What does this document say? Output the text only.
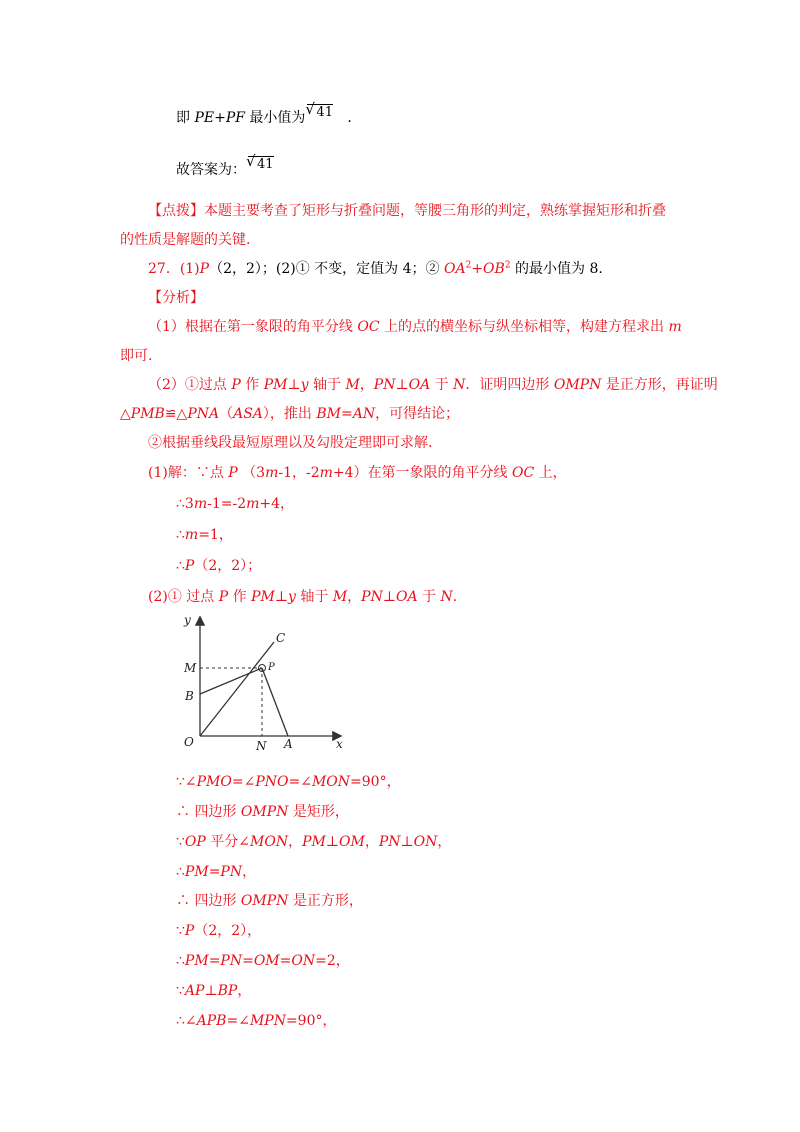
即 PE+PF 最小值为 √ 41 ．
故答案为： √ 41
【点拨】本题主要考查了矩形与折叠问题，等腰三角形的判定，熟练掌握矩形和折叠
的性质是解题的关键.
27．(1)P（2，2）；(2)① 不变，定值为 4；② $OA^2+OB^2$ 的最小值为 8.
【分析】
（1）根据在第一象限的角平分线 OC 上的点的横坐标与纵坐标相等，构建方程求出 m
即可.
（2）①过点 P 作 PM⊥y 轴于 M，PN⊥OA 于 N．证明四边形 OMPN 是正方形，再证明
△PMB≌△PNA（ASA），推出 BM=AN，可得结论；
②根据垂线段最短原理以及勾股定理即可求解.
(1)解：∵点 P （3m-1，-2m+4）在第一象限的角平分线 OC 上，
∴3m-1=-2m+4，
∴m=1，
∴P（2，2）；
(2)① 过点 P 作 PM⊥y 轴于 M，PN⊥OA 于 N.
y
x
C
M	P
B
O	N A
∵∠PMO=∠PNO=∠MON=90°，
∴ 四边形 OMPN 是矩形，
∵OP 平分∠MON，PM⊥OM，PN⊥ON，
∴PM=PN，
∴ 四边形 OMPN 是正方形，
∵P（2，2），
∴PM=PN=OM=ON=2，
∵AP⊥BP，
∴∠APB=∠MPN=90°，
